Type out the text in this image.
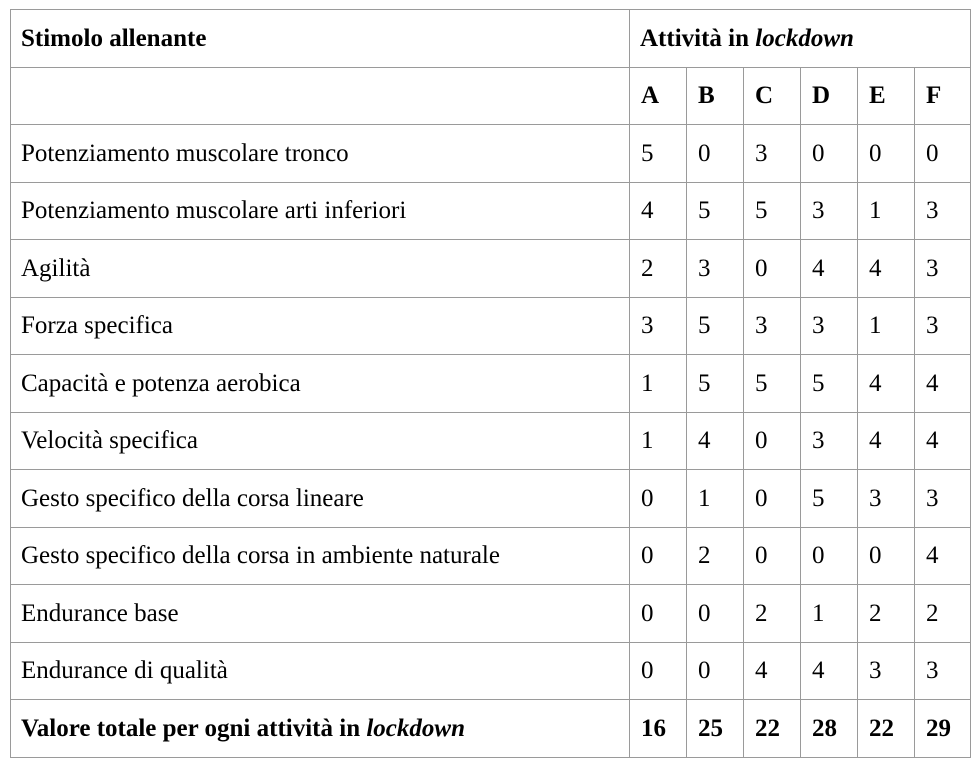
Stimolo allenante	Attività in lockdown					
	A	B	C	D	E	F
Potenziamento muscolare tronco	5	0	3	0	0	0
Potenziamento muscolare arti inferiori	4	5	5	3	1	3
Agilità	2	3	0	4	4	3
Forza specifica	3	5	3	3	1	3
Capacità e potenza aerobica	1	5	5	5	4	4
Velocità specifica	1	4	0	3	4	4
Gesto specifico della corsa lineare	0	1	0	5	3	3
Gesto specifico della corsa in ambiente naturale	0	2	0	0	0	4
Endurance base	0	0	2	1	2	2
Endurance di qualità	0	0	4	4	3	3
Valore totale per ogni attività in lockdown	16	25	22	28	22	29
